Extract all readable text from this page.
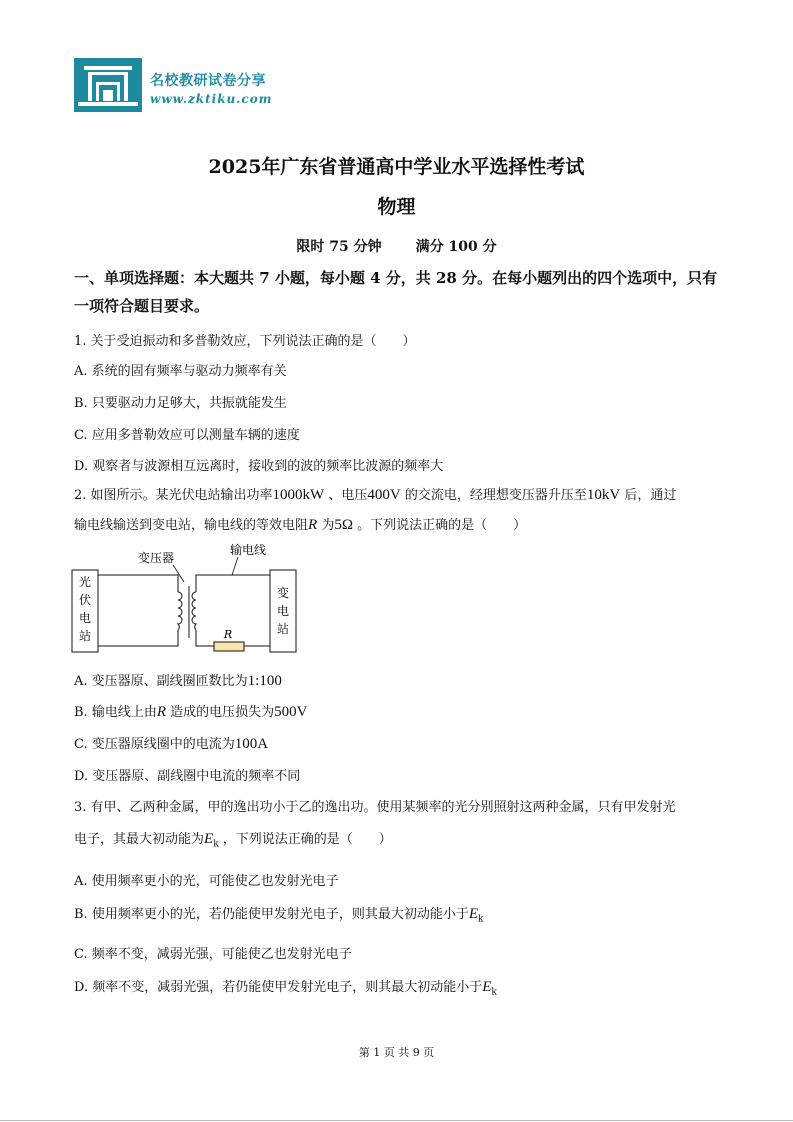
名校教研试卷分享
www.zktiku.com
2025年广东省普通高中学业水平选择性考试
物理
限时 75 分钟 满分 100 分
一、单项选择题：本大题共 7 小题，每小题 4 分，共 28 分。在每小题列出的四个选项中，只有一项符合题目要求。
1. 关于受迫振动和多普勒效应，下列说法正确的是（　　）
A. 系统的固有频率与驱动力频率有关
B. 只要驱动力足够大，共振就能发生
C. 应用多普勒效应可以测量车辆的速度
D. 观察者与波源相互远离时，接收到的波的频率比波源的频率大
2. 如图所示。某光伏电站输出功率1000kW 、电压400V 的交流电，经理想变压器升压至10kV 后，通过
输电线输送到变电站，输电线的等效电阻R 为5Ω 。下列说法正确的是（　　）
光
伏
电
站
变
电
站
R
变压器
输电线
A. 变压器原、副线圈匝数比为1:100
B. 输电线上由R 造成的电压损失为500V
C. 变压器原线圈中的电流为100A
D. 变压器原、副线圈中电流的频率不同
3. 有甲、乙两种金属，甲的逸出功小于乙的逸出功。使用某频率的光分别照射这两种金属，只有甲发射光
电子，其最大初动能为$E_k$ ，下列说法正确的是（　　）
A. 使用频率更小的光，可能使乙也发射光电子
B. 使用频率更小的光，若仍能使甲发射光电子，则其最大初动能小于$E_k$
C. 频率不变，减弱光强，可能使乙也发射光电子
D. 频率不变，减弱光强，若仍能使甲发射光电子，则其最大初动能小于$E_k$
第 1 页 共 9 页
